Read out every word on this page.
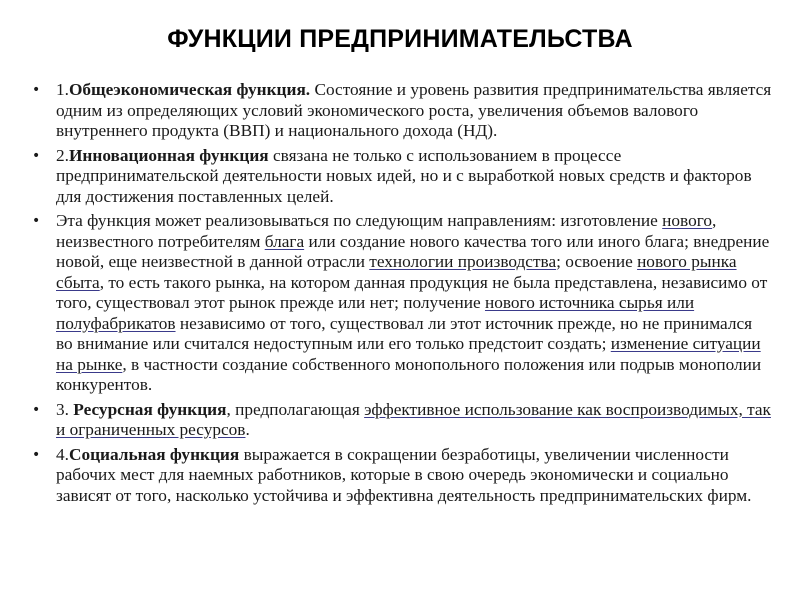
ФУНКЦИИ ПРЕДПРИНИМАТЕЛЬСТВА
• 1.Общеэкономическая функция. Состояние и уровень развития предпринимательства является одним из определяющих условий экономического роста, увеличения объемов валового внутреннего продукта (ВВП) и национального дохода (НД).
• 2.Инновационная функция связана не только с использованием в процессе предпринимательской деятельности новых идей, но и с выработкой новых средств и факторов для достижения поставленных целей.
• Эта функция может реализовываться по следующим направлениям: изготовление нового, неизвестного потребителям блага или создание нового качества того или иного блага; внедрение новой, еще неизвестной в данной отрасли технологии производства; освоение нового рынка сбыта, то есть такого рынка, на котором данная продукция не была представлена, независимо от того, существовал этот рынок прежде или нет; получение нового источника сырья или полуфабрикатов независимо от того, существовал ли этот источник прежде, но не принимался во внимание или считался недоступным или его только предстоит создать; изменение ситуации на рынке, в частности создание собственного монопольного положения или подрыв монополии конкурентов.
• 3. Ресурсная функция, предполагающая эффективное использование как воспроизводимых, так и ограниченных ресурсов.
• 4.Социальная функция выражается в сокращении безработицы, увеличении численности рабочих мест для наемных работников, которые в свою очередь экономически и социально зависят от того, насколько устойчива и эффективна деятельность предпринимательских фирм.
